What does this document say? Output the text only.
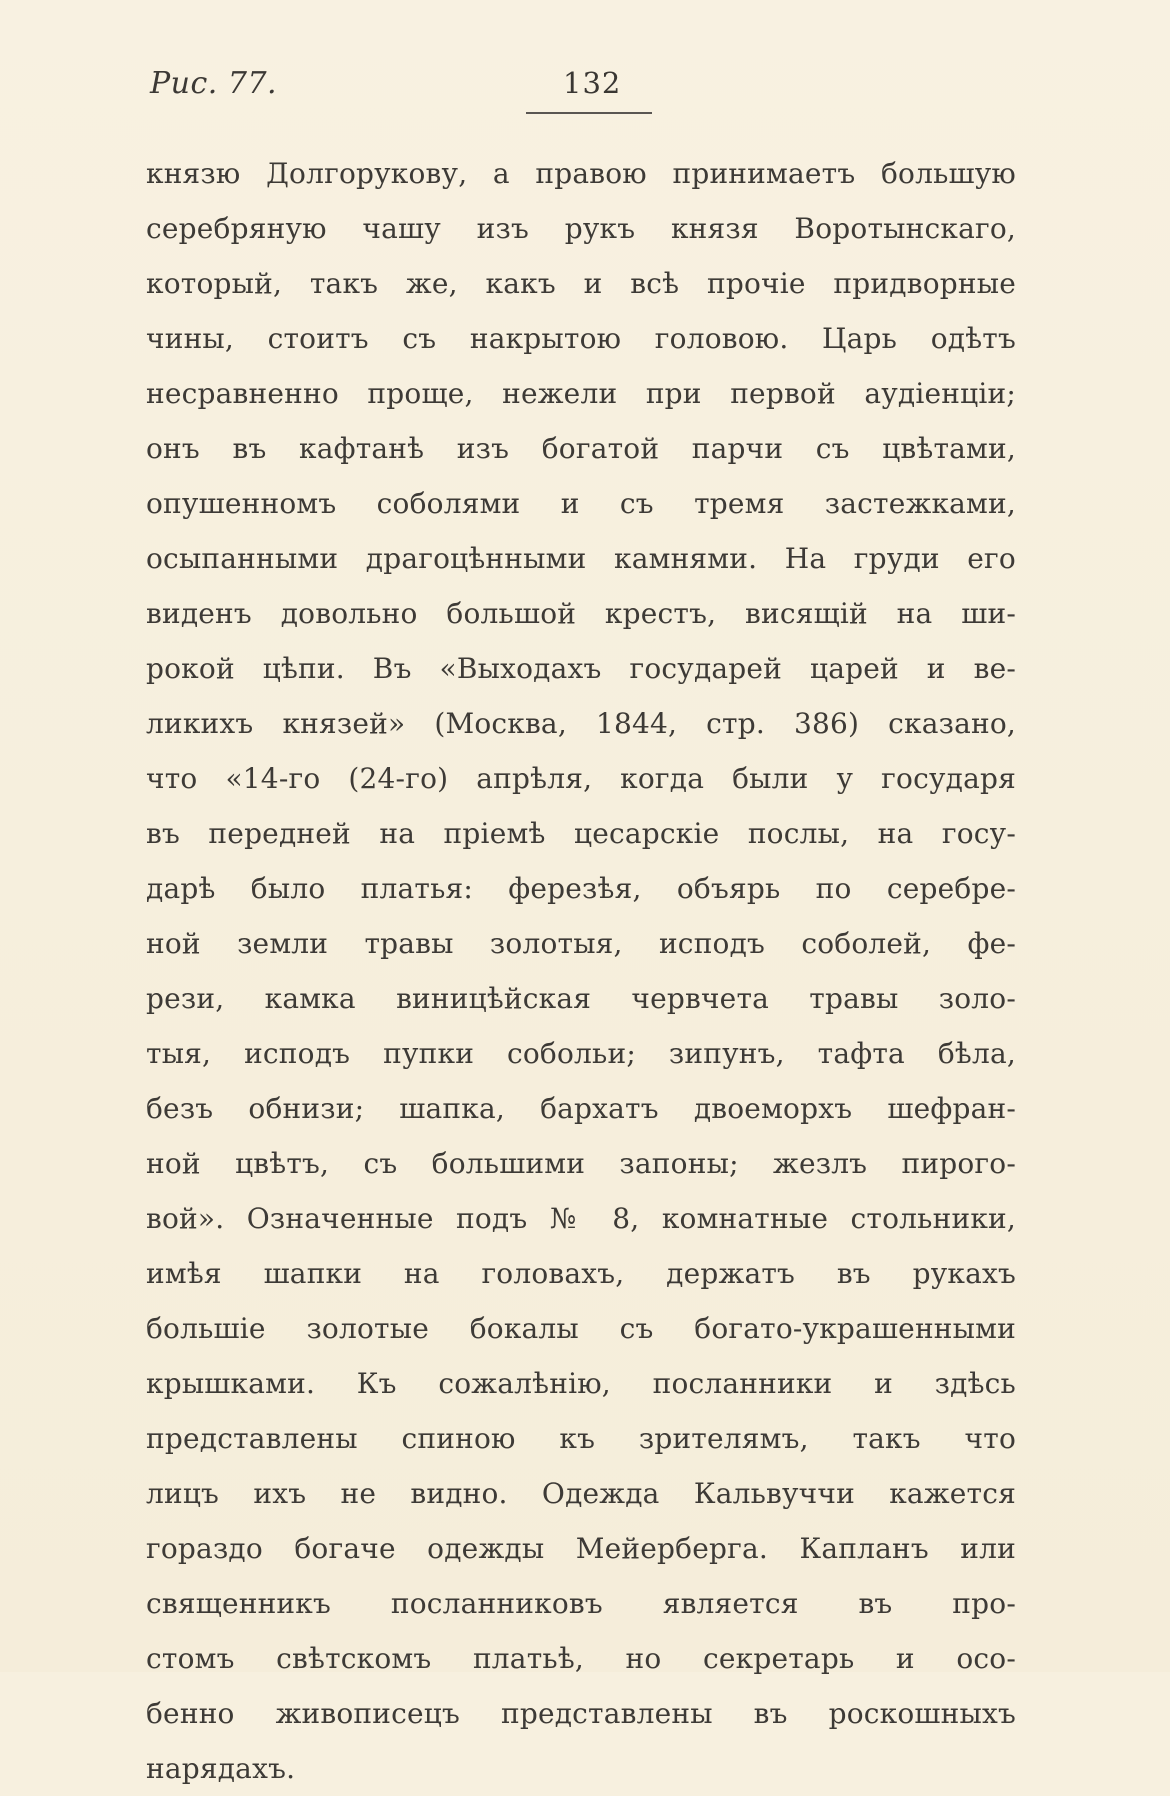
Рис. 77.	132
князю Долгорукову, а правою принимаетъ большую
серебряную чашу изъ рукъ князя Воротынскаго,
который, такъ же, какъ и всѣ прочіе придворные
чины, стоитъ съ накрытою головою. Царь одѣтъ
несравненно проще, нежели при первой аудіенціи;
онъ въ кафтанѣ изъ богатой парчи съ цвѣтами,
опушенномъ соболями и съ тремя застежками,
осыпанными драгоцѣнными камнями. На груди его
виденъ довольно большой крестъ, висящій на ши-
рокой цѣпи. Въ «Выходахъ государей царей и ве-
ликихъ князей» (Москва, 1844, стр. 386) сказано,
что «14-го (24-го) апрѣля, когда были у государя
въ передней на пріемѣ цесарскіе послы, на госу-
дарѣ было платья: ферезѣя, объярь по серебре-
ной земли травы золотыя, исподъ соболей, фе-
рези, камка виницѣйская червчета травы золо-
тыя, исподъ пупки собольи; зипунъ, тафта бѣла,
безъ обнизи; шапка, бархатъ двоеморхъ шефран-
ной цвѣтъ, съ большими запоны; жезлъ пирого-
вой». Означенные подъ № 8, комнатные стольники,
имѣя шапки на головахъ, держатъ въ рукахъ
большіе золотые бокалы съ богато-украшенными
крышками. Къ сожалѣнію, посланники и здѣсь
представлены спиною къ зрителямъ, такъ что
лицъ ихъ не видно. Одежда Кальвуччи кажется
гораздо богаче одежды Мейерберга. Капланъ или
священникъ посланниковъ является въ про-
стомъ свѣтскомъ платьѣ, но секретарь и осо-
бенно живописецъ представлены въ роскошныхъ
нарядахъ.
